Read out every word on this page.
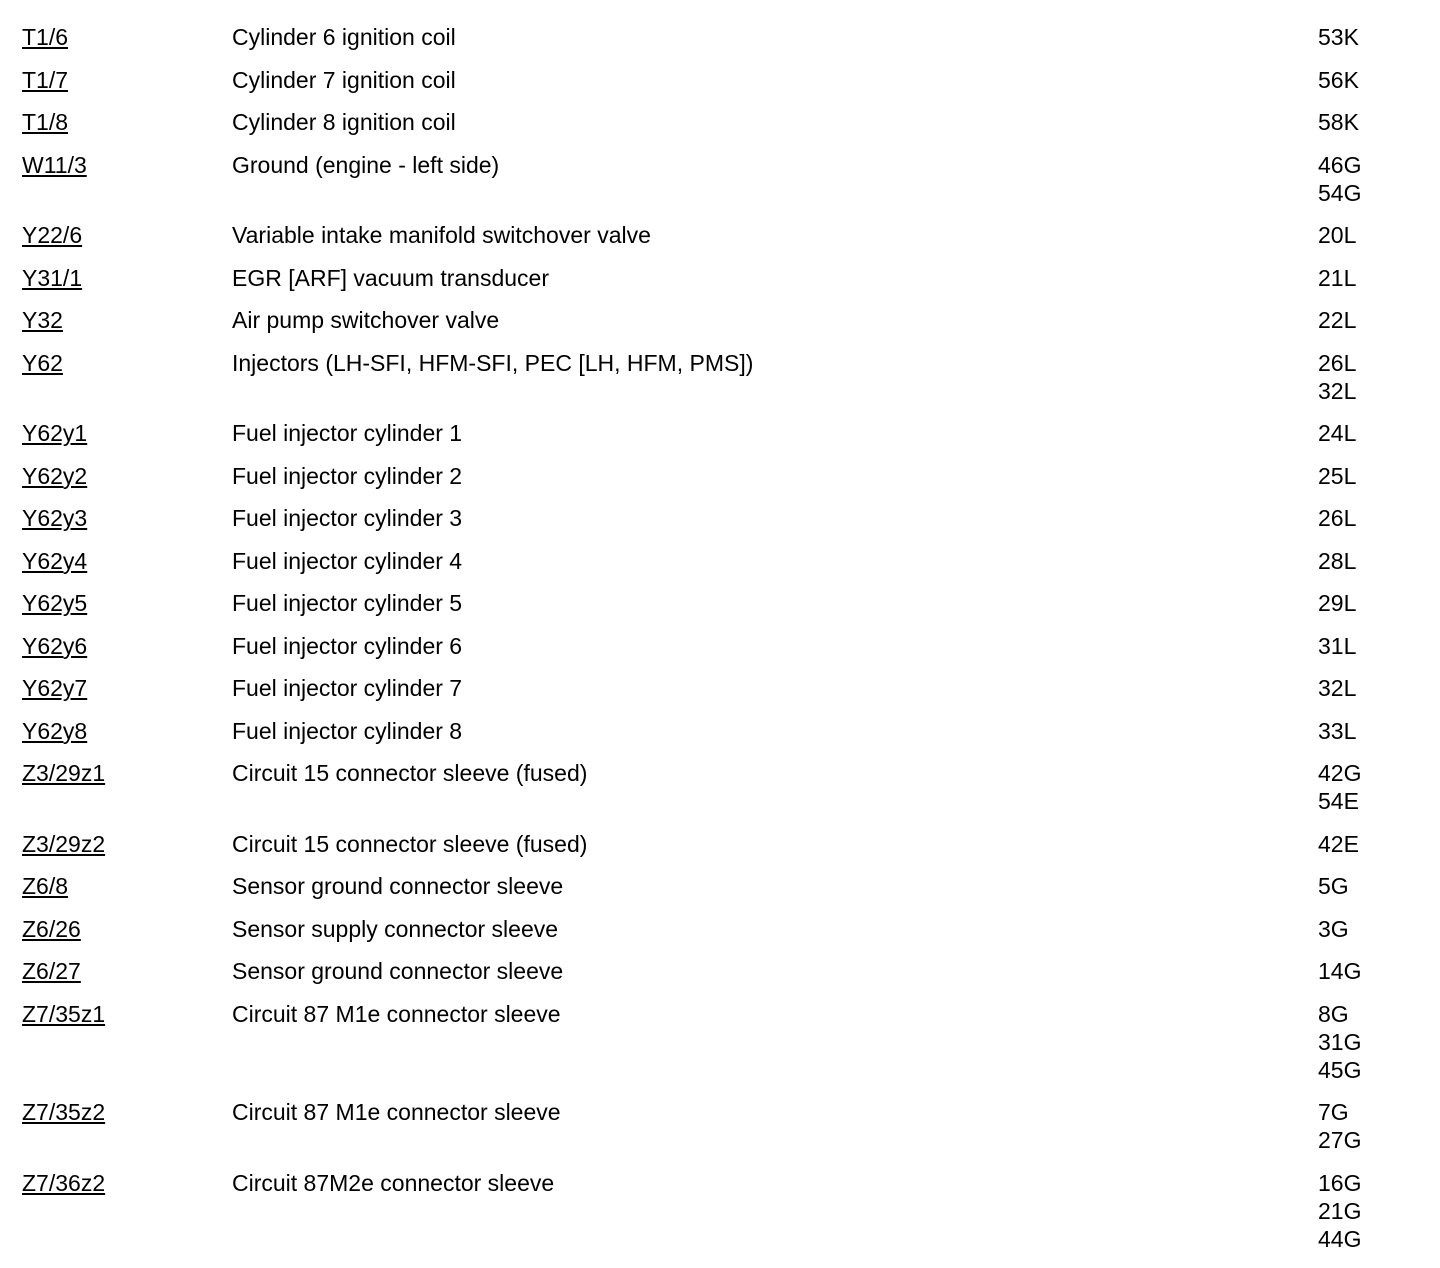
T1/6	Cylinder 6 ignition coil	53K
T1/7	Cylinder 7 ignition coil	56K
T1/8	Cylinder 8 ignition coil	58K
W11/3	Ground (engine - left side)	46G
54G
Y22/6	Variable intake manifold switchover valve	20L
Y31/1	EGR [ARF] vacuum transducer	21L
Y32	Air pump switchover valve	22L
Y62	Injectors (LH-SFI, HFM-SFI, PEC [LH, HFM, PMS])	26L
32L
Y62y1	Fuel injector cylinder 1	24L
Y62y2	Fuel injector cylinder 2	25L
Y62y3	Fuel injector cylinder 3	26L
Y62y4	Fuel injector cylinder 4	28L
Y62y5	Fuel injector cylinder 5	29L
Y62y6	Fuel injector cylinder 6	31L
Y62y7	Fuel injector cylinder 7	32L
Y62y8	Fuel injector cylinder 8	33L
Z3/29z1	Circuit 15 connector sleeve (fused)	42G
54E
Z3/29z2	Circuit 15 connector sleeve (fused)	42E
Z6/8	Sensor ground connector sleeve	5G
Z6/26	Sensor supply connector sleeve	3G
Z6/27	Sensor ground connector sleeve	14G
Z7/35z1	Circuit 87 M1e connector sleeve	8G
31G
45G
Z7/35z2	Circuit 87 M1e connector sleeve	7G
27G
Z7/36z2	Circuit 87M2e connector sleeve	16G
21G
44G
